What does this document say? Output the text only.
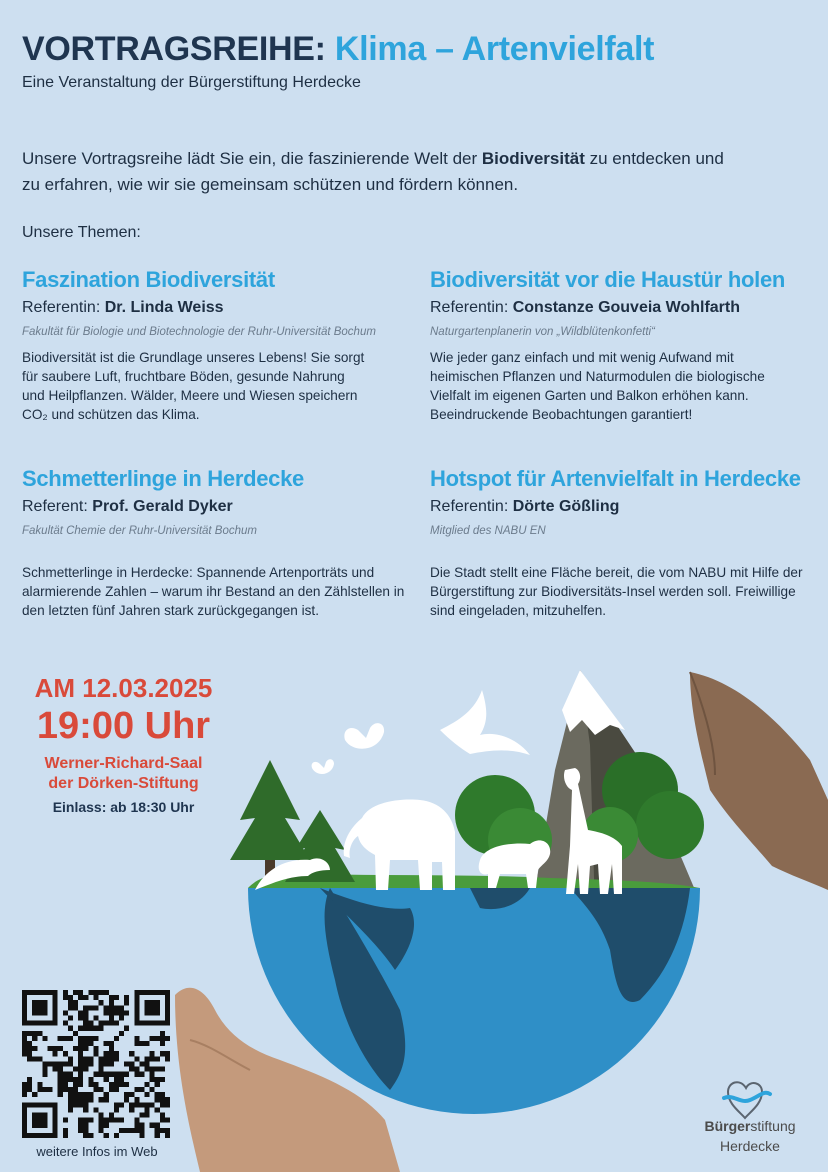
VORTRAGSREIHE: Klima – Artenvielfalt
Eine Veranstaltung der Bürgerstiftung Herdecke
Unsere Vortragsreihe lädt Sie ein, die faszinierende Welt der Biodiversität zu entdecken und zu erfahren, wie wir sie gemeinsam schützen und fördern können.
Unsere Themen:
Faszination Biodiversität
Referentin: Dr. Linda Weiss
Fakultät für Biologie und Biotechnologie der Ruhr-Universität Bochum
Biodiversität ist die Grundlage unseres Lebens! Sie sorgt für saubere Luft, fruchtbare Böden, gesunde Nahrung und Heilpflanzen. Wälder, Meere und Wiesen speichern CO₂ und schützen das Klima.
Biodiversität vor die Haustür holen
Referentin: Constanze Gouveia Wohlfarth
Naturgartenplanerin von „Wildblütenkonfetti“
Wie jeder ganz einfach und mit wenig Aufwand mit heimischen Pflanzen und Naturmodulen die biologische Vielfalt im eigenen Garten und Balkon erhöhen kann. Beeindruckende Beobachtungen garantiert!
Schmetterlinge in Herdecke
Referent: Prof. Gerald Dyker
Fakultät Chemie der Ruhr-Universität Bochum
Schmetterlinge in Herdecke: Spannende Artenporträts und alarmierende Zahlen – warum ihr Bestand an den Zählstellen in den letzten fünf Jahren stark zurückgegangen ist.
Hotspot für Artenvielfalt in Herdecke
Referentin: Dörte Gößling
Mitglied des NABU EN
Die Stadt stellt eine Fläche bereit, die vom NABU mit Hilfe der Bürgerstiftung zur Biodiversitäts-Insel werden soll. Freiwillige sind eingeladen, mitzuhelfen.
AM 12.03.2025
19:00 Uhr
Werner-Richard-Saal
der Dörken-Stiftung
Einlass: ab 18:30 Uhr
weitere Infos im Web
Bürgerstiftung
Herdecke
